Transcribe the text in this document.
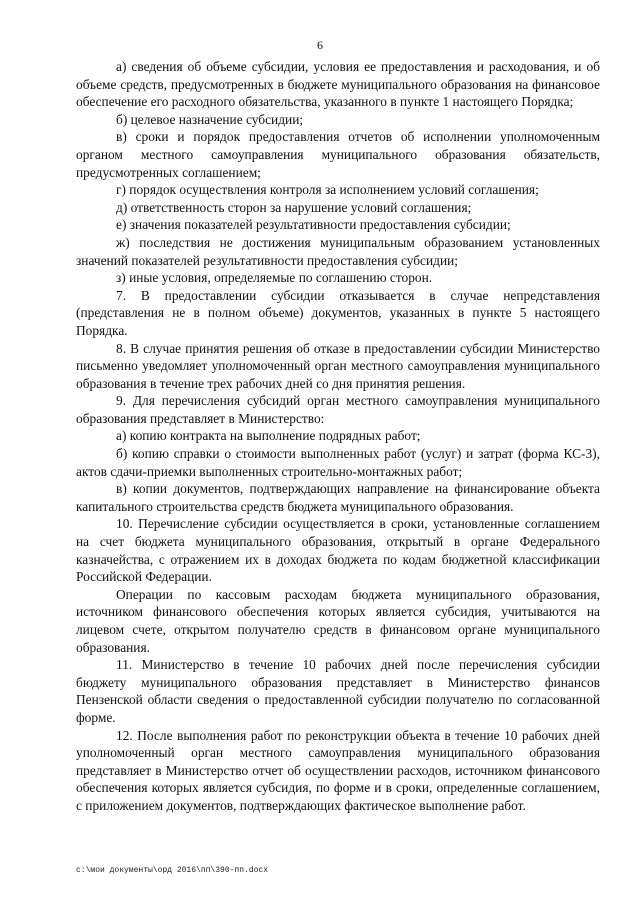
6

а) сведения об объеме субсидии, условия ее предоставления и расходования, и об объеме средств, предусмотренных в бюджете муниципального образования на финансовое обеспечение его расходного обязательства, указанного в пункте 1 настоящего Порядка;

б) целевое назначение субсидии;

в) сроки и порядок предоставления отчетов об исполнении уполномоченным органом местного самоуправления муниципального образования обязательств, предусмотренных соглашением;

г) порядок осуществления контроля за исполнением условий соглашения;

д) ответственность сторон за нарушение условий соглашения;

е) значения показателей результативности предоставления субсидии;

ж) последствия не достижения муниципальным образованием установленных значений показателей результативности предоставления субсидии;

з) иные условия, определяемые по соглашению сторон.

7. В предоставлении субсидии отказывается в случае непредставления (представления не в полном объеме) документов, указанных в пункте 5 настоящего Порядка.

8. В случае принятия решения об отказе в предоставлении субсидии Министерство письменно уведомляет уполномоченный орган местного самоуправления муниципального образования в течение трех рабочих дней со дня принятия решения.

9. Для перечисления субсидий орган местного самоуправления муниципального образования представляет в Министерство:

а) копию контракта на выполнение подрядных работ;

б) копию справки о стоимости выполненных работ (услуг) и затрат (форма КС-3), актов сдачи-приемки выполненных строительно-монтажных работ;

в) копии документов, подтверждающих направление на финансирование объекта капитального строительства средств бюджета муниципального образования.

10. Перечисление субсидии осуществляется в сроки, установленные соглашением на счет бюджета муниципального образования, открытый в органе Федерального казначейства, с отражением их в доходах бюджета по кодам бюджетной классификации Российской Федерации.

Операции по кассовым расходам бюджета муниципального образования, источником финансового обеспечения которых является субсидия, учитываются на лицевом счете, открытом получателю средств в финансовом органе муниципального образования.

11. Министерство в течение 10 рабочих дней после перечисления субсидии бюджету муниципального образования представляет в Министерство финансов Пензенской области сведения о предоставленной субсидии получателю по согласованной форме.

12. После выполнения работ по реконструкции объекта в течение 10 рабочих дней уполномоченный орган местного самоуправления муниципального образования представляет в Министерство отчет об осуществлении расходов, источником финансового обеспечения которых является субсидия, по форме и в сроки, определенные соглашением, с приложением документов, подтверждающих фактическое выполнение работ.

c:\мои документы\орд 2016\пп\390-пп.docx
